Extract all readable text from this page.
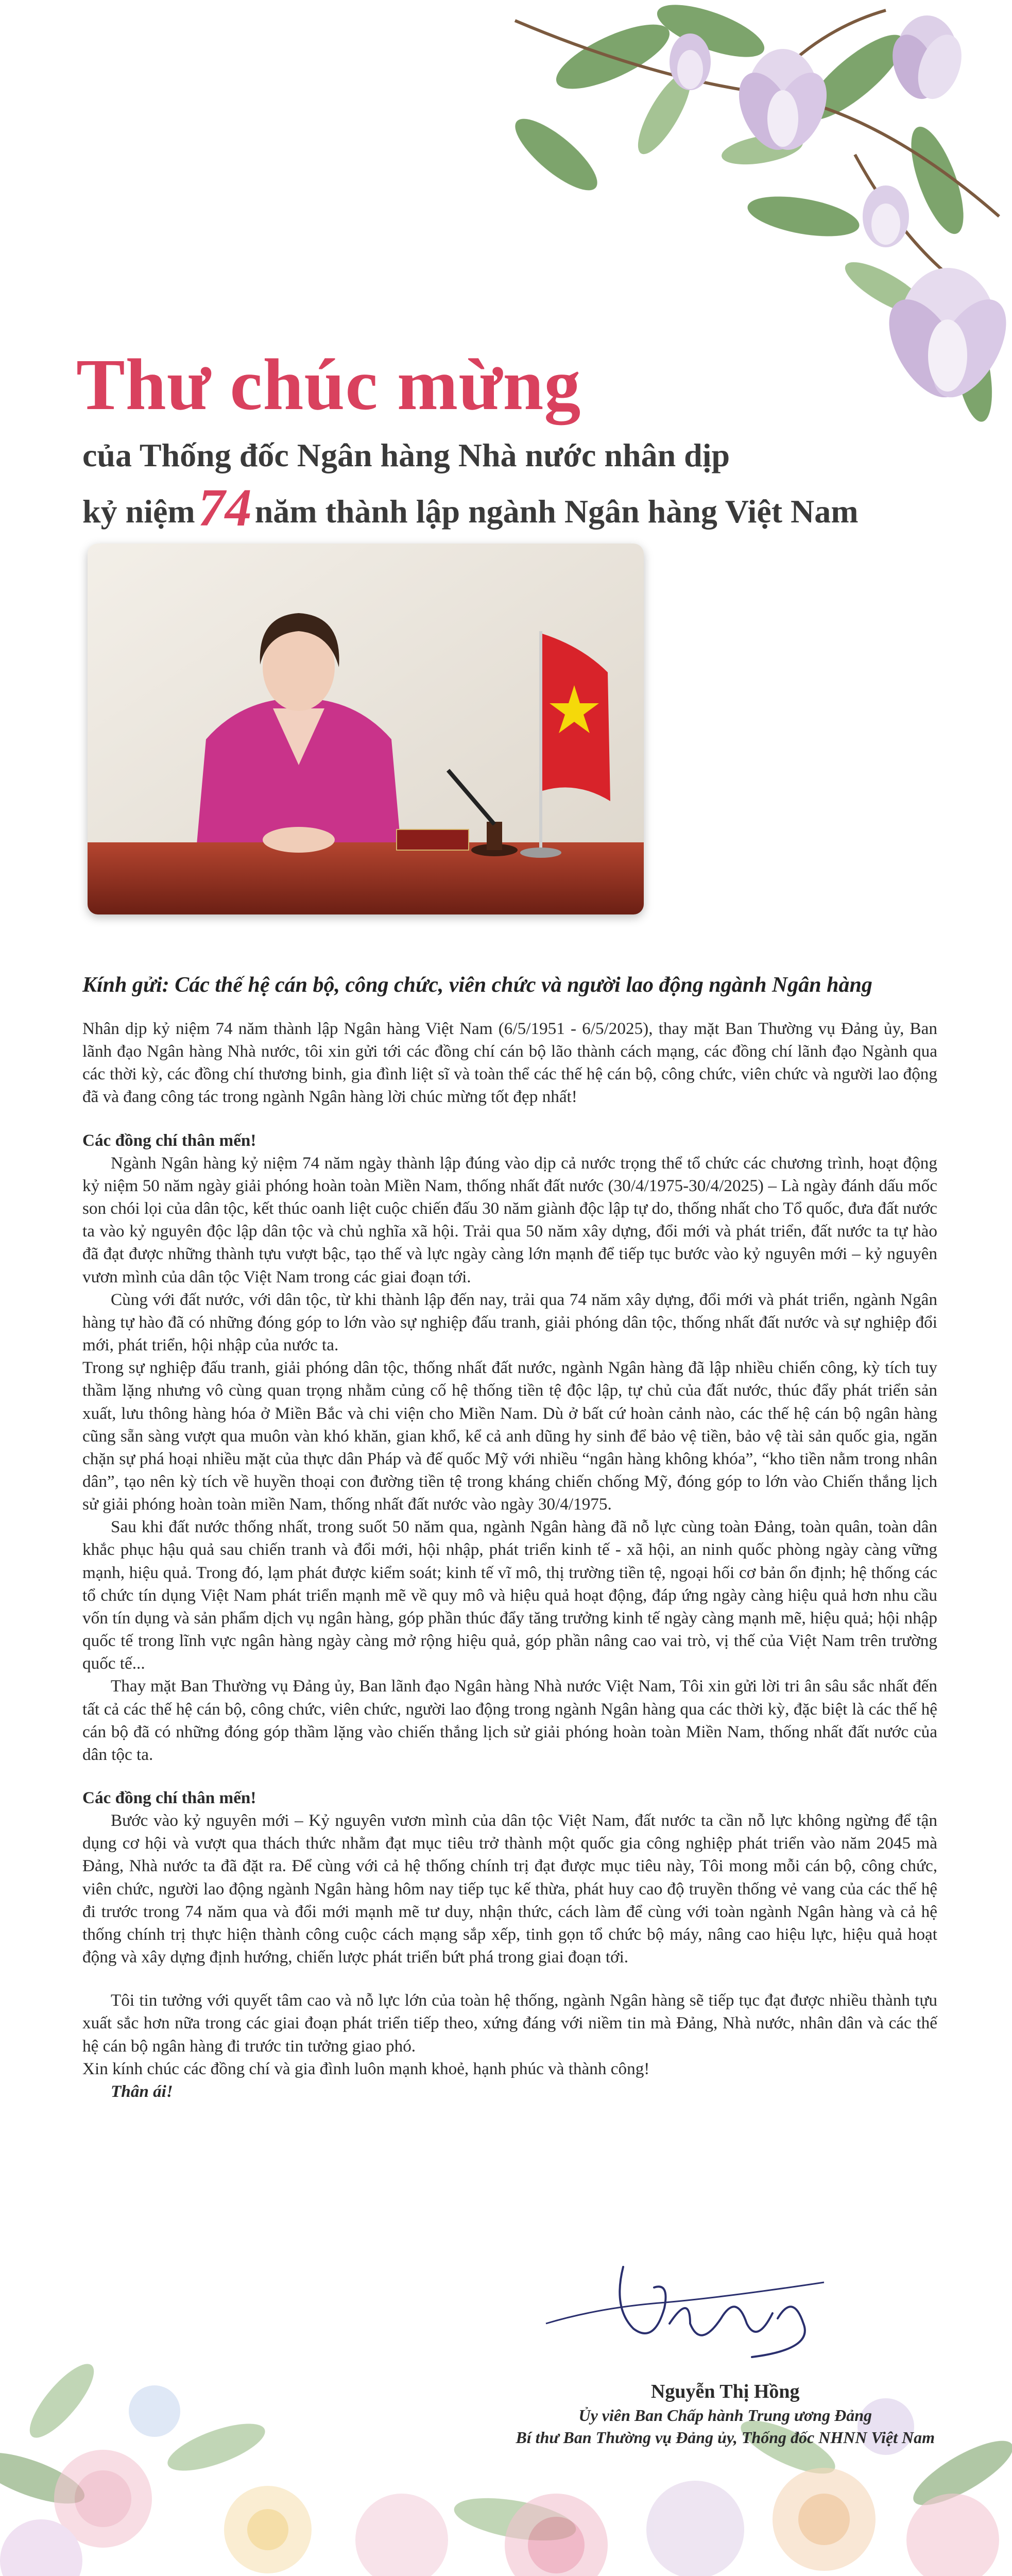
Thư chúc mừng
của Thống đốc Ngân hàng Nhà nước nhân dịp
kỷ niệm74năm thành lập ngành Ngân hàng Việt Nam
Kính gửi: Các thế hệ cán bộ, công chức, viên chức và người lao động ngành Ngân hàng

Nhân dịp kỷ niệm 74 năm thành lập Ngân hàng Việt Nam (6/5/1951 - 6/5/2025), thay mặt Ban Thường vụ Đảng ủy, Ban lãnh đạo Ngân hàng Nhà nước, tôi xin gửi tới các đồng chí cán bộ lão thành cách mạng, các đồng chí lãnh đạo Ngành qua các thời kỳ, các đồng chí thương binh, gia đình liệt sĩ và toàn thể các thế hệ cán bộ, công chức, viên chức và người lao động đã và đang công tác trong ngành Ngân hàng lời chúc mừng tốt đẹp nhất!

Các đồng chí thân mến!

Ngành Ngân hàng kỷ niệm 74 năm ngày thành lập đúng vào dịp cả nước trọng thể tổ chức các chương trình, hoạt động kỷ niệm 50 năm ngày giải phóng hoàn toàn Miền Nam, thống nhất đất nước (30/4/1975-30/4/2025) – Là ngày đánh dấu mốc son chói lọi của dân tộc, kết thúc oanh liệt cuộc chiến đấu 30 năm giành độc lập tự do, thống nhất cho Tổ quốc, đưa đất nước ta vào kỷ nguyên độc lập dân tộc và chủ nghĩa xã hội. Trải qua 50 năm xây dựng, đổi mới và phát triển, đất nước ta tự hào đã đạt được những thành tựu vượt bậc, tạo thế và lực ngày càng lớn mạnh để tiếp tục bước vào kỷ nguyên mới – kỷ nguyên vươn mình của dân tộc Việt Nam trong các giai đoạn tới.

Cùng với đất nước, với dân tộc, từ khi thành lập đến nay, trải qua 74 năm xây dựng, đổi mới và phát triển, ngành Ngân hàng tự hào đã có những đóng góp to lớn vào sự nghiệp đấu tranh, giải phóng dân tộc, thống nhất đất nước và sự nghiệp đổi mới, phát triển, hội nhập của nước ta.

Trong sự nghiệp đấu tranh, giải phóng dân tộc, thống nhất đất nước, ngành Ngân hàng đã lập nhiều chiến công, kỳ tích tuy thầm lặng nhưng vô cùng quan trọng nhằm củng cố hệ thống tiền tệ độc lập, tự chủ của đất nước, thúc đẩy phát triển sản xuất, lưu thông hàng hóa ở Miền Bắc và chi viện cho Miền Nam. Dù ở bất cứ hoàn cảnh nào, các thế hệ cán bộ ngân hàng cũng sẵn sàng vượt qua muôn vàn khó khăn, gian khổ, kể cả anh dũng hy sinh để bảo vệ tiền, bảo vệ tài sản quốc gia, ngăn chặn sự phá hoại nhiều mặt của thực dân Pháp và đế quốc Mỹ với nhiều “ngân hàng không khóa”, “kho tiền nằm trong nhân dân”, tạo nên kỳ tích về huyền thoại con đường tiền tệ trong kháng chiến chống Mỹ, đóng góp to lớn vào Chiến thắng lịch sử giải phóng hoàn toàn miền Nam, thống nhất đất nước vào ngày 30/4/1975.

Sau khi đất nước thống nhất, trong suốt 50 năm qua, ngành Ngân hàng đã nỗ lực cùng toàn Đảng, toàn quân, toàn dân khắc phục hậu quả sau chiến tranh và đổi mới, hội nhập, phát triển kinh tế - xã hội, an ninh quốc phòng ngày càng vững mạnh, hiệu quả. Trong đó, lạm phát được kiểm soát; kinh tế vĩ mô, thị trường tiền tệ, ngoại hối cơ bản ổn định; hệ thống các tổ chức tín dụng Việt Nam phát triển mạnh mẽ về quy mô và hiệu quả hoạt động, đáp ứng ngày càng hiệu quả hơn nhu cầu vốn tín dụng và sản phẩm dịch vụ ngân hàng, góp phần thúc đẩy tăng trưởng kinh tế ngày càng mạnh mẽ, hiệu quả; hội nhập quốc tế trong lĩnh vực ngân hàng ngày càng mở rộng hiệu quả, góp phần nâng cao vai trò, vị thế của Việt Nam trên trường quốc tế...

Thay mặt Ban Thường vụ Đảng ủy, Ban lãnh đạo Ngân hàng Nhà nước Việt Nam, Tôi xin gửi lời tri ân sâu sắc nhất đến tất cả các thế hệ cán bộ, công chức, viên chức, người lao động trong ngành Ngân hàng qua các thời kỳ, đặc biệt là các thế hệ cán bộ đã có những đóng góp thầm lặng vào chiến thắng lịch sử giải phóng hoàn toàn Miền Nam, thống nhất đất nước của dân tộc ta.

Các đồng chí thân mến!

Bước vào kỷ nguyên mới – Kỷ nguyên vươn mình của dân tộc Việt Nam, đất nước ta cần nỗ lực không ngừng để tận dụng cơ hội và vượt qua thách thức nhằm đạt mục tiêu trở thành một quốc gia công nghiệp phát triển vào năm 2045 mà Đảng, Nhà nước ta đã đặt ra. Để cùng với cả hệ thống chính trị đạt được mục tiêu này, Tôi mong mỗi cán bộ, công chức, viên chức, người lao động ngành Ngân hàng hôm nay tiếp tục kế thừa, phát huy cao độ truyền thống vẻ vang của các thế hệ đi trước trong 74 năm qua và đổi mới mạnh mẽ tư duy, nhận thức, cách làm để cùng với toàn ngành Ngân hàng và cả hệ thống chính trị thực hiện thành công cuộc cách mạng sắp xếp, tinh gọn tổ chức bộ máy, nâng cao hiệu lực, hiệu quả hoạt động và xây dựng định hướng, chiến lược phát triển bứt phá trong giai đoạn tới.

Tôi tin tưởng với quyết tâm cao và nỗ lực lớn của toàn hệ thống, ngành Ngân hàng sẽ tiếp tục đạt được nhiều thành tựu xuất sắc hơn nữa trong các giai đoạn phát triển tiếp theo, xứng đáng với niềm tin mà Đảng, Nhà nước, nhân dân và các thế hệ cán bộ ngân hàng đi trước tin tưởng giao phó.

Xin kính chúc các đồng chí và gia đình luôn mạnh khoẻ, hạnh phúc và thành công!

Thân ái!

Nguyễn Thị Hồng
Ủy viên Ban Chấp hành Trung ương Đảng
Bí thư Ban Thường vụ Đảng ủy, Thống đốc NHNN Việt Nam
